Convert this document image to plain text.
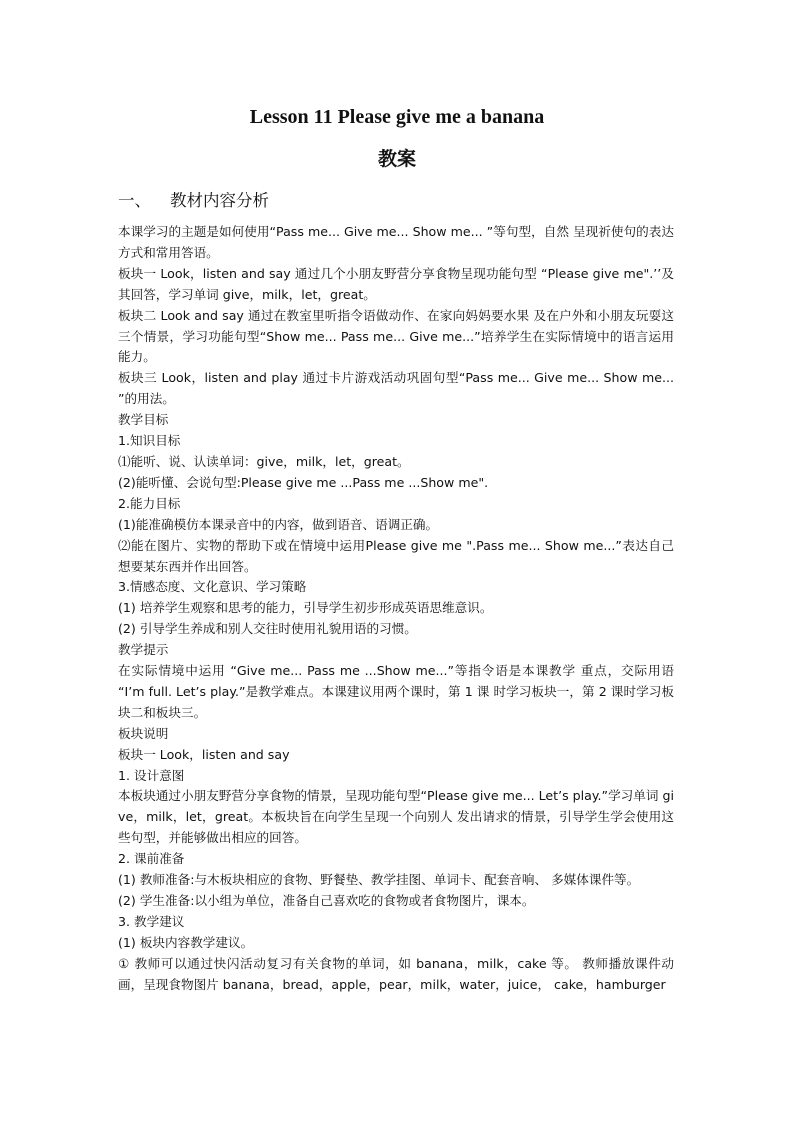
Lesson 11 Please give me a banana
教案
一、 教材内容分析

本课学习的主题是如何使用“Pass me... Give me... Show me... ”等句型，自然 呈现祈使句的表达方式和常用答语。

板块一 Look，listen and say 通过几个小朋友野营分享食物呈现功能句型 “Please give me".’’及其回答，学习单词 give，milk，let，great。

板块二 Look and say 通过在教室里听指令语做动作、在家向妈妈要水果 及在户外和小朋友玩耍这三个情景，学习功能句型“Show me... Pass me... Give me...”培养学生在实际情境中的语言运用能力。

板块三 Look，listen and play 通过卡片游戏活动巩固句型“Pass me... Give me... Show me... ”的用法。

教学目标

1.知识目标

⑴能听、说、认读单词：give，milk，let，great。

(2)能听懂、会说句型:Please give me ...Pass me ...Show me".

2.能力目标

(1)能准确模仿本课录音中的内容，做到语音、语调正确。

⑵能在图片、实物的帮助下或在情境中运用Please give me ".Pass me... Show me...”表达自己想要某东西并作出回答。

3.情感态度、文化意识、学习策略

(1) 培养学生观察和思考的能力，引导学生初步形成英语思维意识。

(2) 引导学生养成和别人交往时使用礼貌用语的习惯。

教学提示

在实际情境中运用 “Give me... Pass me ...Show me...”等指令语是本课教学 重点，交际用语 “I’m full. Let’s play.”是教学难点。本课建议用两个课时，第 1 课 时学习板块一，第 2 课时学习板块二和板块三。

板块说明

板块一 Look，listen and say

1. 设计意图

本板块通过小朋友野营分享食物的情景，呈现功能句型“Please give me... Let’s play.”学习单词 give，milk，let，great。本板块旨在向学生呈现一个向别人 发出请求的情景，引导学生学会使用这些句型，并能够做出相应的回答。

2. 课前准备

(1) 教师准备:与木板块相应的食物、野餐垫、教学挂图、单词卡、配套音响、 多媒体课件等。

(2) 学生准备:以小组为单位，准备自己喜欢吃的食物或者食物图片，课本。

3. 教学建议

(1) 板块内容教学建议。

① 教师可以通过快闪活动复习有关食物的单词，如 banana，milk，cake 等。 教师播放课件动画，呈现食物图片 banana，bread，apple，pear，milk，water，juice， cake，hamburger
